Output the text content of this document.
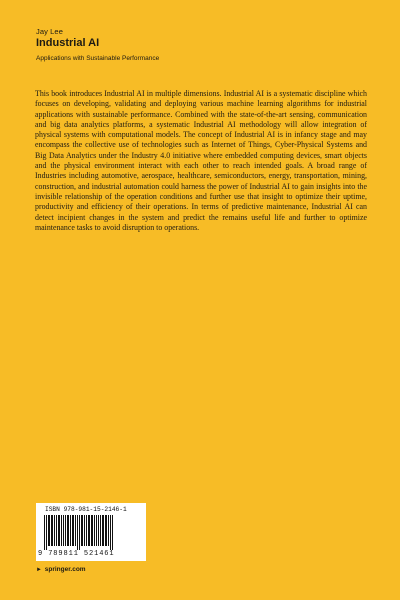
Jay Lee
Industrial AI
Applications with Sustainable Performance

This book introduces Industrial AI in multiple dimensions. Industrial AI is a systematic discipline which focuses on developing, validating and deploying various machine learning algorithms for industrial applications with sustainable performance. Combined with the state-of-the-art sensing, communication and big data analytics platforms, a systematic Industrial AI methodology will allow integration of physical systems with computational models. The concept of Industrial AI is in infancy stage and may encompass the collective use of technologies such as Internet of Things, Cyber-Physical Systems and Big Data Analytics under the Industry 4.0 initiative where embedded computing devices, smart objects and the physical environment interact with each other to reach intended goals. A broad range of Industries including automotive, aerospace, healthcare, semiconductors, energy, transportation, mining, construction, and industrial automation could harness the power of Industrial AI to gain insights into the invisible relationship of the operation conditions and further use that insight to optimize their uptime, productivity and efficiency of their operations. In terms of predictive maintenance, Industrial AI can detect incipient changes in the system and predict the remains useful life and further to optimize maintenance tasks to avoid disruption to operations.

ISBN 978-981-15-2146-1
9 789811 521461
► springer.com
